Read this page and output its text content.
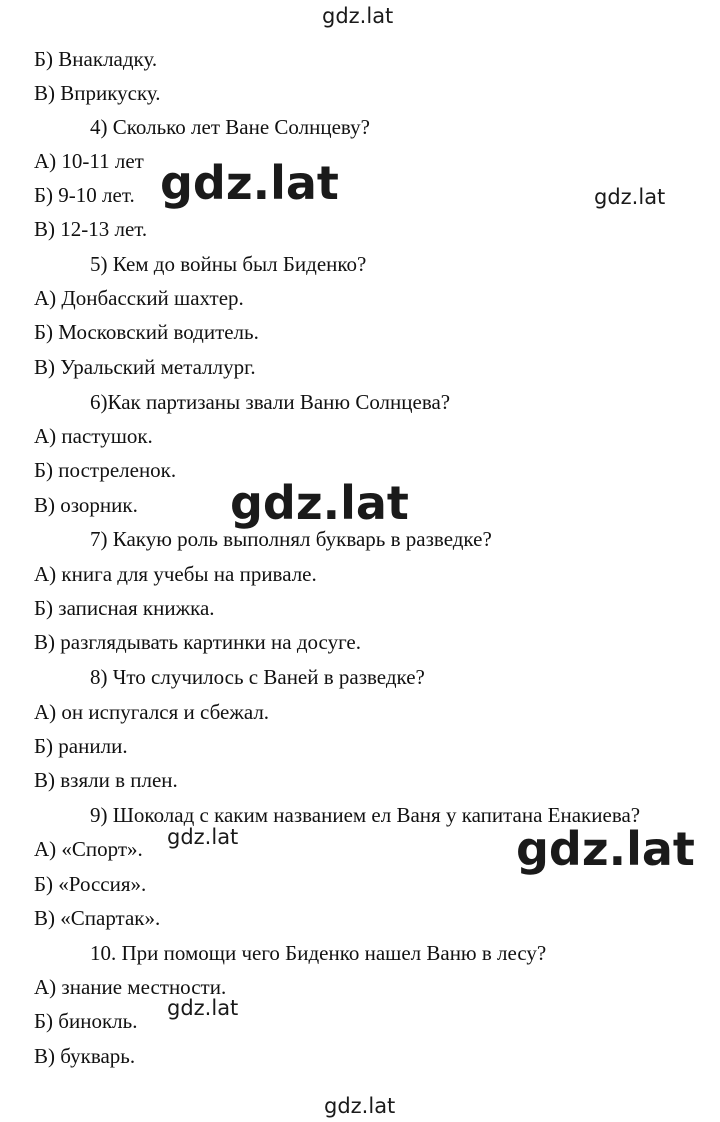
Б) Внакладку.
В) Вприкуску.
4) Сколько лет Ване Солнцеву?
А) 10-11 лет
Б) 9-10 лет.
В) 12-13 лет.
5) Кем до войны был Биденко?
А) Донбасский шахтер.
Б) Московский водитель.
В) Уральский металлург.
6)Как партизаны звали Ваню Солнцева?
А) пастушок.
Б) постреленок.
В) озорник.
7) Какую роль выполнял букварь в разведке?
А) книга для учебы на привале.
Б) записная книжка.
В) разглядывать картинки на досуге.
8) Что случилось с Ваней в разведке?
А) он испугался и сбежал.
Б) ранили.
В) взяли в плен.
9) Шоколад с каким названием ел Ваня у капитана Енакиева?
А) «Спорт».
Б) «Россия».
В) «Спартак».
10. При помощи чего Биденко нашел Ваню в лесу?
А) знание местности.
Б) бинокль.
В) букварь.
gdz.lat
gdz.lat	gdz.lat
gdz.lat
gdz.lat	gdz.lat
gdz.lat
gdz.lat
